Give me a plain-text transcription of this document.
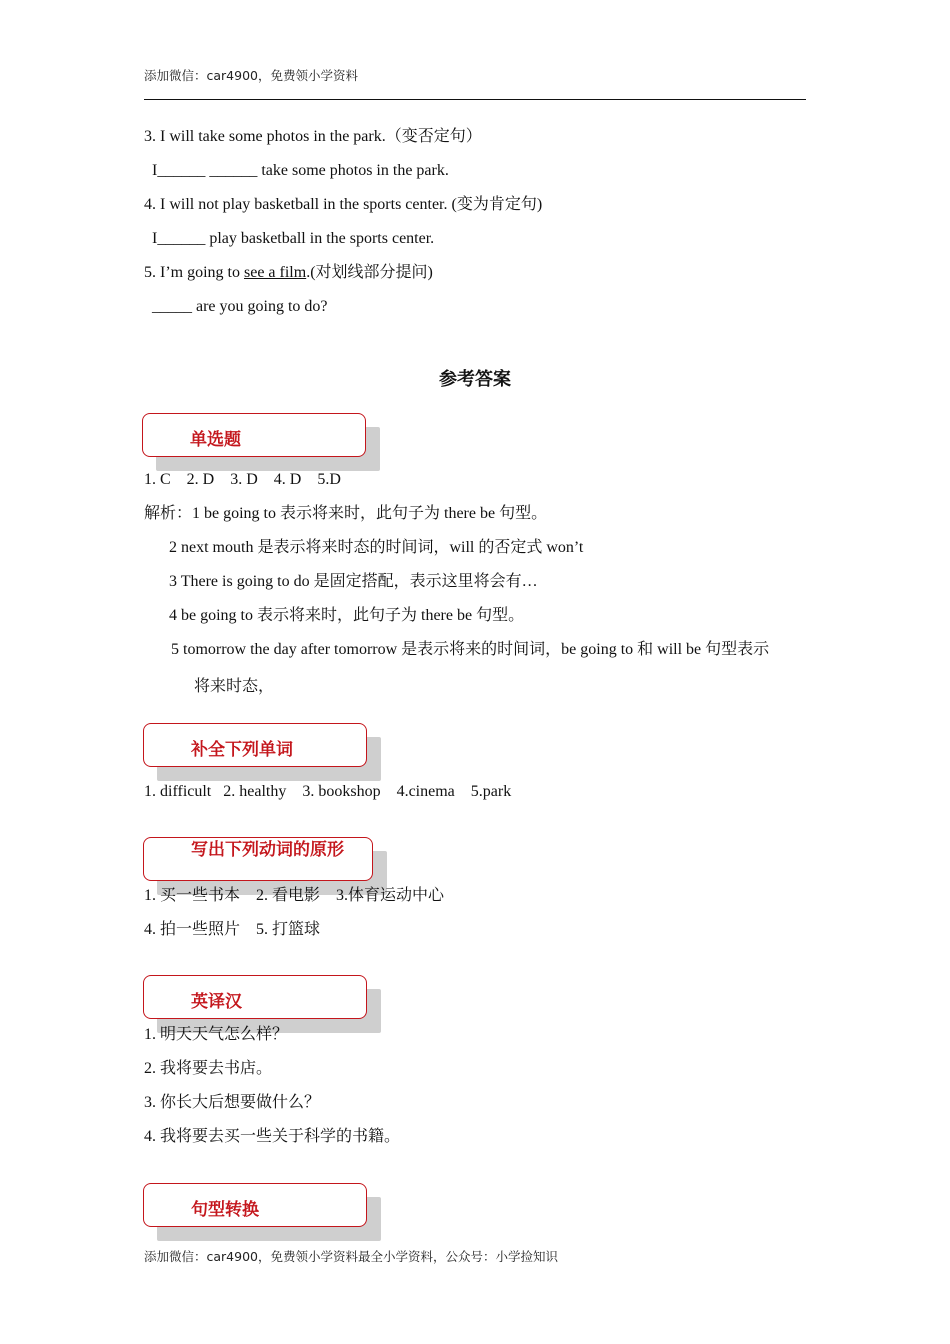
添加微信：car4900，免费领小学资料
3. I will take some photos in the park.（变否定句）
I______ ______ take some photos in the park.
4. I will not play basketball in the sports center. (变为肯定句)
I______ play basketball in the sports center.
5. I’m going to see a film.(对划线部分提问)
_____ are you going to do?
参考答案
单选题
1. C    2. D    3. D    4. D    5.D
解析：1 be going to 表示将来时，此句子为 there be 句型。
2 next mouth 是表示将来时态的时间词，will 的否定式 won’t
3 There is going to do 是固定搭配，表示这里将会有…
4 be going to 表示将来时，此句子为 there be 句型。
5 tomorrow the day after tomorrow 是表示将来的时间词，be going to 和 will be 句型表示
将来时态，
补全下列单词
1. difficult   2. healthy    3. bookshop    4.cinema    5.park
写出下列动词的原形
1. 买一些书本    2. 看电影    3.体育运动中心
4. 拍一些照片    5. 打篮球
英译汉
1. 明天天气怎么样？
2. 我将要去书店。
3. 你长大后想要做什么？
4. 我将要去买一些关于科学的书籍。
句型转换
添加微信：car4900，免费领小学资料最全小学资料，公众号：小学捡知识
